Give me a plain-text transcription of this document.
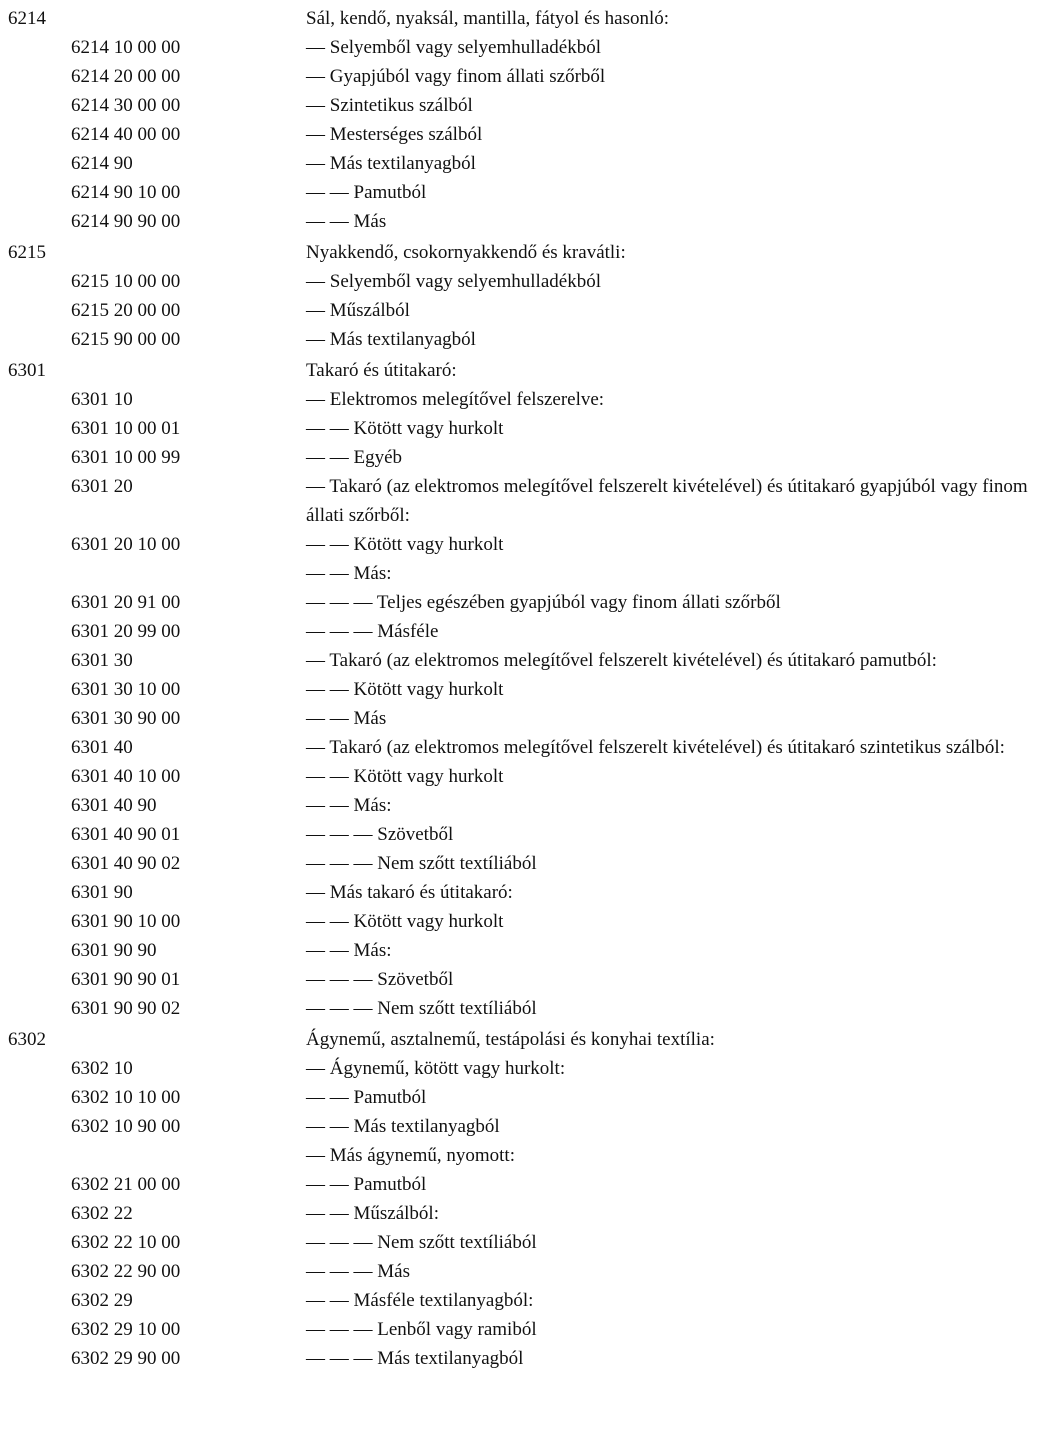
6214	Sál, kendő, nyaksál, mantilla, fátyol és hasonló:
6214 10 00 00	— Selyemből vagy selyemhulladékból
6214 20 00 00	— Gyapjúból vagy finom állati szőrből
6214 30 00 00	— Szintetikus szálból
6214 40 00 00	— Mesterséges szálból
6214 90	— Más textilanyagból
6214 90 10 00	— — Pamutból
6214 90 90 00	— — Más
6215	Nyakkendő, csokornyakkendő és kravátli:
6215 10 00 00	— Selyemből vagy selyemhulladékból
6215 20 00 00	— Műszálból
6215 90 00 00	— Más textilanyagból
6301	Takaró és útitakaró:
6301 10	— Elektromos melegítővel felszerelve:
6301 10 00 01	— — Kötött vagy hurkolt
6301 10 00 99	— — Egyéb
6301 20	— Takaró (az elektromos melegítővel felszerelt kivételével) és útitakaró gyapjúból vagy finom állati szőrből:
6301 20 10 00	— — Kötött vagy hurkolt
— — Más:
6301 20 91 00	— — — Teljes egészében gyapjúból vagy finom állati szőrből
6301 20 99 00	— — — Másféle
6301 30	— Takaró (az elektromos melegítővel felszerelt kivételével) és útitakaró pamutból:
6301 30 10 00	— — Kötött vagy hurkolt
6301 30 90 00	— — Más
6301 40	— Takaró (az elektromos melegítővel felszerelt kivételével) és útitakaró szintetikus szálból:
6301 40 10 00	— — Kötött vagy hurkolt
6301 40 90	— — Más:
6301 40 90 01	— — — Szövetből
6301 40 90 02	— — — Nem szőtt textíliából
6301 90	— Más takaró és útitakaró:
6301 90 10 00	— — Kötött vagy hurkolt
6301 90 90	— — Más:
6301 90 90 01	— — — Szövetből
6301 90 90 02	— — — Nem szőtt textíliából
6302	Ágynemű, asztalnemű, testápolási és konyhai textília:
6302 10	— Ágynemű, kötött vagy hurkolt:
6302 10 10 00	— — Pamutból
6302 10 90 00	— — Más textilanyagból
— Más ágynemű, nyomott:
6302 21 00 00	— — Pamutból
6302 22	— — Műszálból:
6302 22 10 00	— — — Nem szőtt textíliából
6302 22 90 00	— — — Más
6302 29	— — Másféle textilanyagból:
6302 29 10 00	— — — Lenből vagy ramiból
6302 29 90 00	— — — Más textilanyagból
